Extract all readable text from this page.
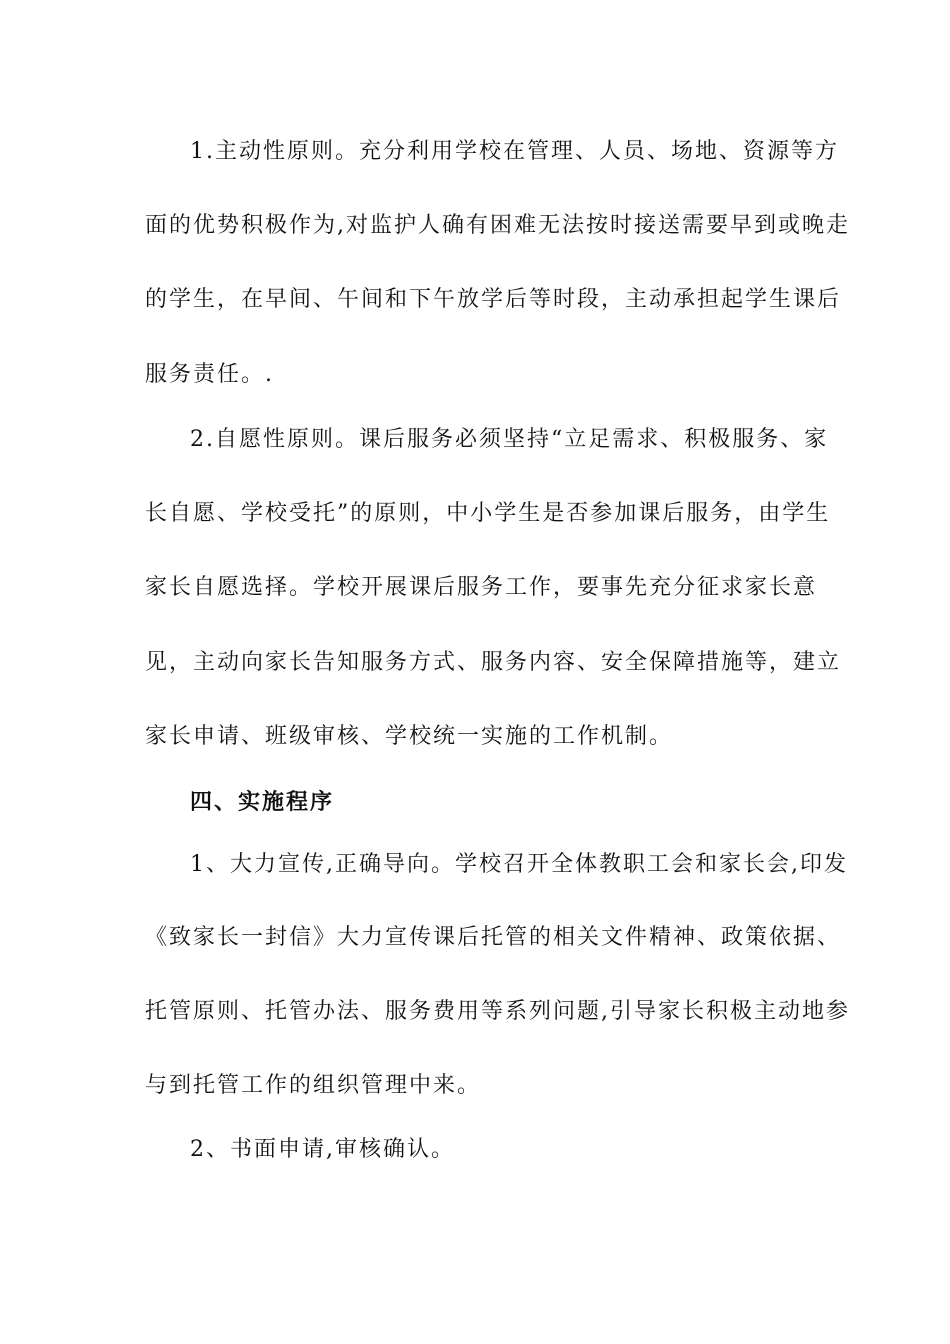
1.主动性原则。充分利用学校在管理、人员、场地、资源等方

面的优势积极作为,对监护人确有困难无法按时接送需要早到或晚走

的学生，在早间、午间和下午放学后等时段，主动承担起学生课后

服务责任。.

2.自愿性原则。课后服务必须坚持“立足需求、积极服务、家

长自愿、学校受托”的原则，中小学生是否参加课后服务，由学生

家长自愿选择。学校开展课后服务工作，要事先充分征求家长意

见，主动向家长告知服务方式、服务内容、安全保障措施等，建立

家长申请、班级审核、学校统一实施的工作机制。

四、实施程序

1、大力宣传,正确导向。学校召开全体教职工会和家长会,印发

《致家长一封信》大力宣传课后托管的相关文件精神、政策依据、

托管原则、托管办法、服务费用等系列问题,引导家长积极主动地参

与到托管工作的组织管理中来。

2、书面申请,审核确认。
